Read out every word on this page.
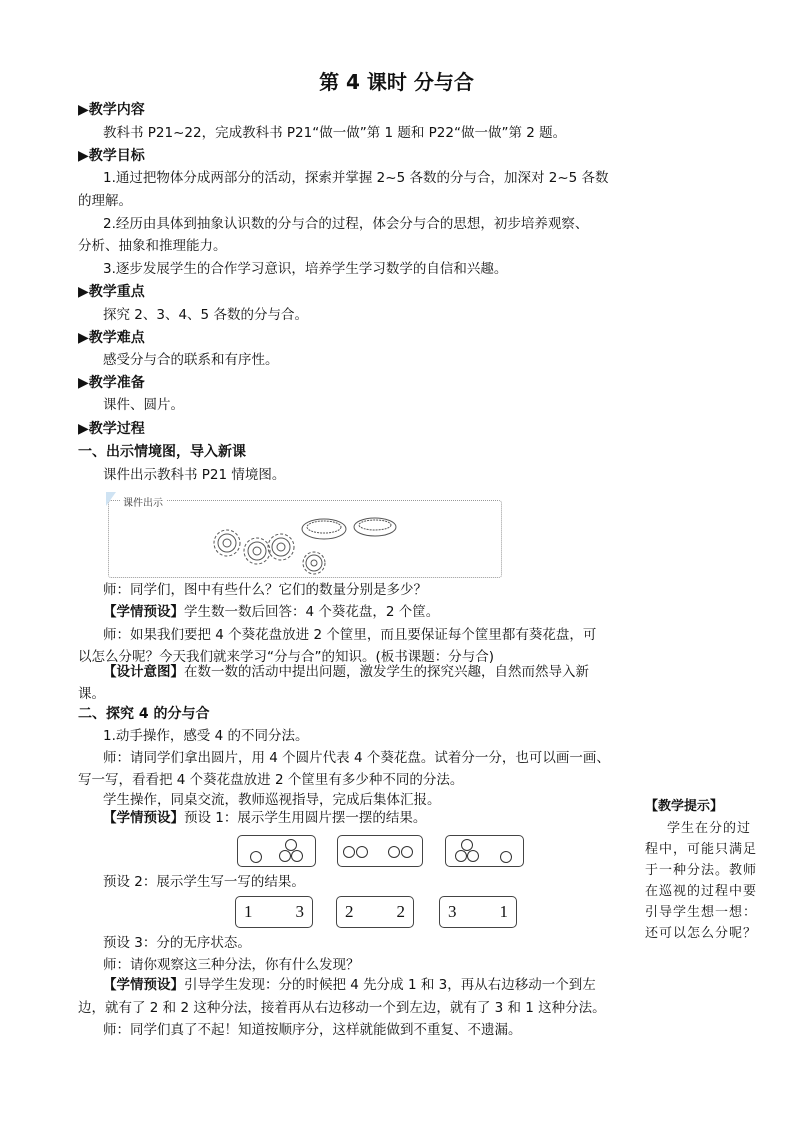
第 4 课时 分与合
▶教学内容
教科书 P21~22，完成教科书 P21“做一做”第 1 题和 P22“做一做”第 2 题。
▶教学目标
1.通过把物体分成两部分的活动，探索并掌握 2~5 各数的分与合，加深对 2~5 各数
的理解。
2.经历由具体到抽象认识数的分与合的过程，体会分与合的思想，初步培养观察、
分析、抽象和推理能力。
3.逐步发展学生的合作学习意识，培养学生学习数学的自信和兴趣。
▶教学重点
探究 2、3、4、5 各数的分与合。
▶教学难点
感受分与合的联系和有序性。
▶教学准备
课件、圆片。
▶教学过程
一、出示情境图，导入新课
课件出示教科书 P21 情境图。
课件出示
师：同学们，图中有些什么？它们的数量分别是多少？
【学情预设】学生数一数后回答：4 个葵花盘，2 个筐。
师：如果我们要把 4 个葵花盘放进 2 个筐里，而且要保证每个筐里都有葵花盘，可
以怎么分呢？今天我们就来学习“分与合”的知识。(板书课题：分与合)
【设计意图】在数一数的活动中提出问题，激发学生的探究兴趣，自然而然导入新
课。
二、探究 4 的分与合
1.动手操作，感受 4 的不同分法。
师：请同学们拿出圆片，用 4 个圆片代表 4 个葵花盘。试着分一分，也可以画一画、
写一写，看看把 4 个葵花盘放进 2 个筐里有多少种不同的分法。
学生操作，同桌交流，教师巡视指导，完成后集体汇报。
【学情预设】预设 1：展示学生用圆片摆一摆的结果。
预设 2：展示学生写一写的结果。
1	3 2	2	3	1
预设 3：分的无序状态。
师：请你观察这三种分法，你有什么发现？
【学情预设】引导学生发现：分的时候把 4 先分成 1 和 3，再从右边移动一个到左
边，就有了 2 和 2 这种分法，接着再从右边移动一个到左边，就有了 3 和 1 这种分法。
师：同学们真了不起！知道按顺序分，这样就能做到不重复、不遗漏。
【教学提示】
学生在分的过
程中，可能只满足
于一种分法。教师
在巡视的过程中要
引导学生想一想：
还可以怎么分呢？
